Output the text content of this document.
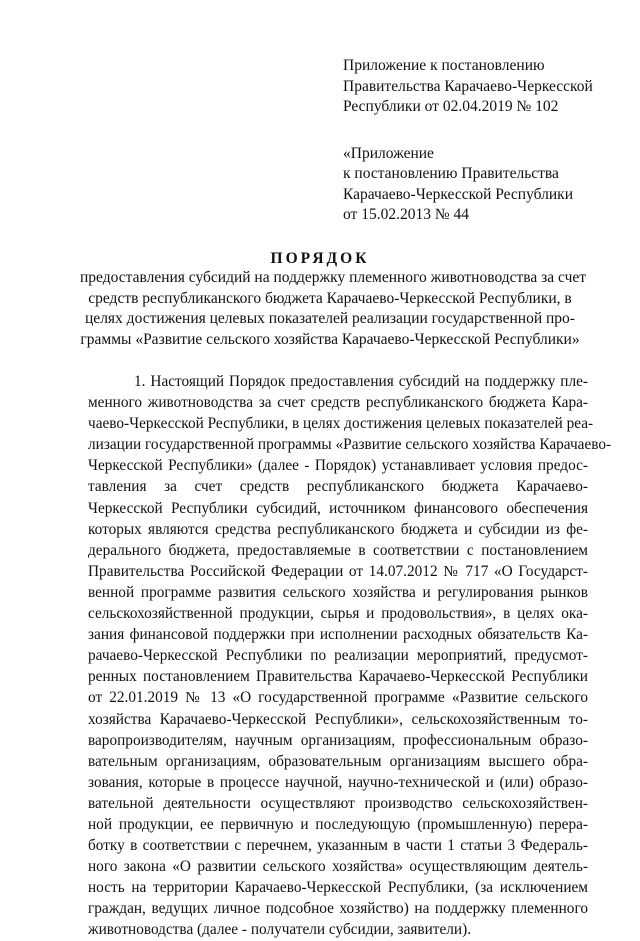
Приложение к постановлению
Правительства Карачаево-Черкесской
Республики от 02.04.2019 № 102
«Приложение
к постановлению Правительства
Карачаево-Черкесской Республики
от 15.02.2013 № 44
ПОРЯДОК
предоставления субсидий на поддержку племенного животноводства за счет
средств республиканского бюджета Карачаево-Черкесской Республики, в
целях достижения целевых показателей реализации государственной про-
граммы «Развитие сельского хозяйства Карачаево-Черкесской Республики»
1. Настоящий Порядок предоставления субсидий на поддержку пле-
менного животноводства за счет средств республиканского бюджета Кара-
чаево-Черкесской Республики, в целях достижения целевых показателей реа-
лизации государственной программы «Развитие сельского хозяйства Карачаево-
Черкесской Республики» (далее - Порядок) устанавливает условия предос-
тавления за счет средств республиканского бюджета Карачаево-
Черкесской Республики субсидий, источником финансового обеспечения
которых являются средства республиканского бюджета и субсидии из фе-
дерального бюджета, предоставляемые в соответствии с постановлением
Правительства Российской Федерации от 14.07.2012 № 717 «О Государст-
венной программе развития сельского хозяйства и регулирования рынков
сельскохозяйственной продукции, сырья и продовольствия», в целях ока-
зания финансовой поддержки при исполнении расходных обязательств Ка-
рачаево-Черкесской Республики по реализации мероприятий, предусмот-
ренных постановлением Правительства Карачаево-Черкесской Республики
от 22.01.2019 № 13 «О государственной программе «Развитие сельского
хозяйства Карачаево-Черкесской Республики», сельскохозяйственным то-
варопроизводителям, научным организациям, профессиональным образо-
вательным организациям, образовательным организациям высшего обра-
зования, которые в процессе научной, научно-технической и (или) образо-
вательной деятельности осуществляют производство сельскохозяйствен-
ной продукции, ее первичную и последующую (промышленную) перера-
ботку в соответствии с перечнем, указанным в части 1 статьи 3 Федераль-
ного закона «О развитии сельского хозяйства» осуществляющим деятель-
ность на территории Карачаево-Черкесской Республики, (за исключением
граждан, ведущих личное подсобное хозяйство) на поддержку племенного
животноводства (далее - получатели субсидии, заявители).
